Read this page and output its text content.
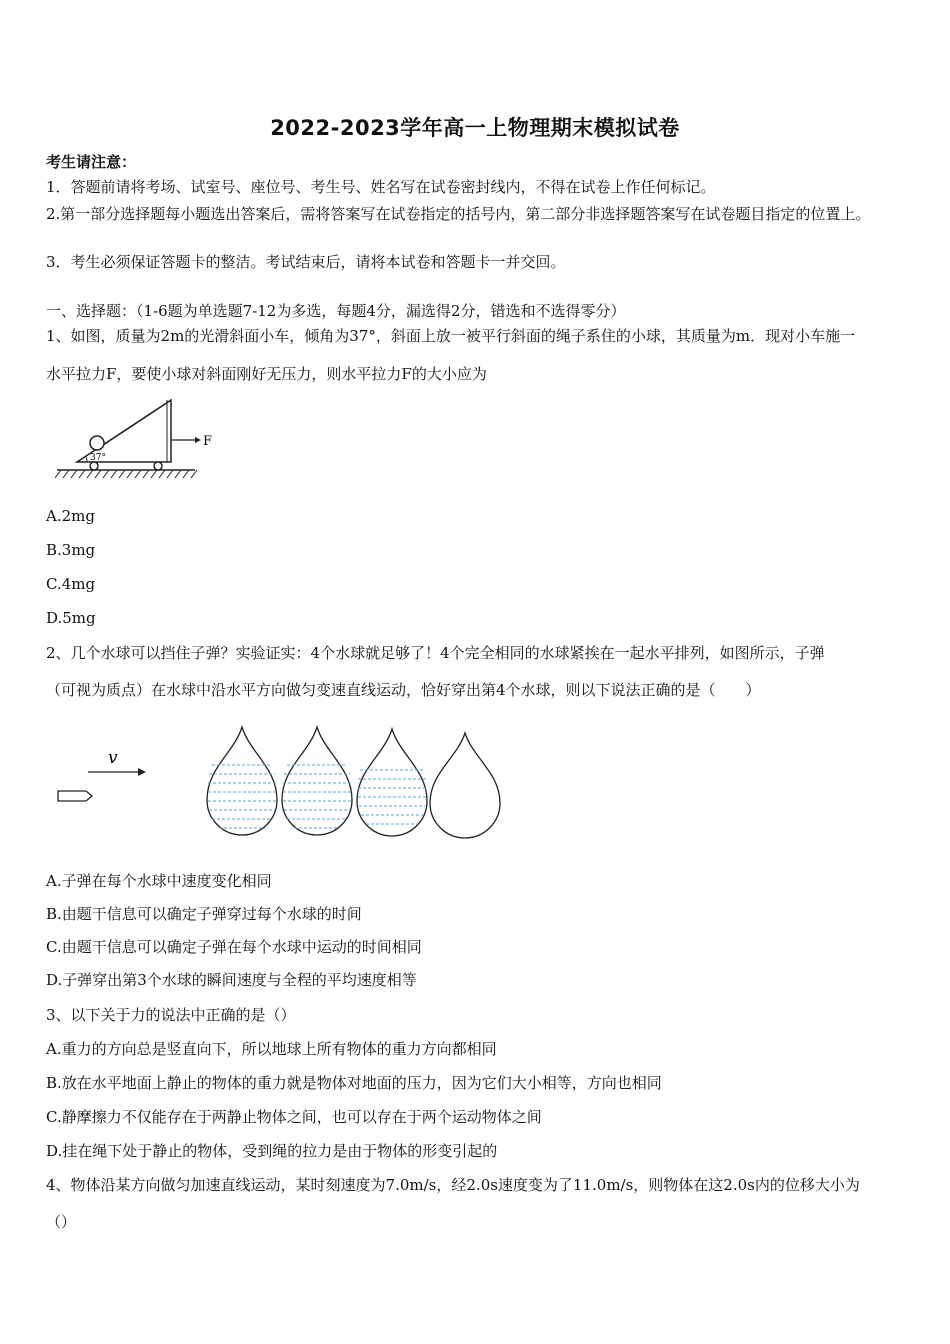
2022-2023学年高一上物理期末模拟试卷
考生请注意：
1．答题前请将考场、试室号、座位号、考生号、姓名写在试卷密封线内，不得在试卷上作任何标记。
2.第一部分选择题每小题选出答案后，需将答案写在试卷指定的括号内，第二部分非选择题答案写在试卷题目指定的位置上。
3．考生必须保证答题卡的整洁。考试结束后，请将本试卷和答题卡一并交回。
一、选择题：（1-6题为单选题7-12为多选，每题4分，漏选得2分，错选和不选得零分）
1、如图，质量为2m的光滑斜面小车，倾角为37°，斜面上放一被平行斜面的绳子系住的小球，其质量为m．现对小车施一
水平拉力F，要使小球对斜面刚好无压力，则水平拉力F的大小应为
37°
F
A.2mg
B.3mg
C.4mg
D.5mg
2、几个水球可以挡住子弹？实验证实：4个水球就足够了！4个完全相同的水球紧挨在一起水平排列，如图所示，子弹
（可视为质点）在水球中沿水平方向做匀变速直线运动，恰好穿出第4个水球，则以下说法正确的是（　　）
v
A.子弹在每个水球中速度变化相同
B.由题干信息可以确定子弹穿过每个水球的时间
C.由题干信息可以确定子弹在每个水球中运动的时间相同
D.子弹穿出第3个水球的瞬间速度与全程的平均速度相等
3、以下关于力的说法中正确的是（）
A.重力的方向总是竖直向下，所以地球上所有物体的重力方向都相同
B.放在水平地面上静止的物体的重力就是物体对地面的压力，因为它们大小相等，方向也相同
C.静摩擦力不仅能存在于两静止物体之间，也可以存在于两个运动物体之间
D.挂在绳下处于静止的物体，受到绳的拉力是由于物体的形变引起的
4、物体沿某方向做匀加速直线运动，某时刻速度为7.0m/s，经2.0s速度变为了11.0m/s，则物体在这2.0s内的位移大小为
（）
